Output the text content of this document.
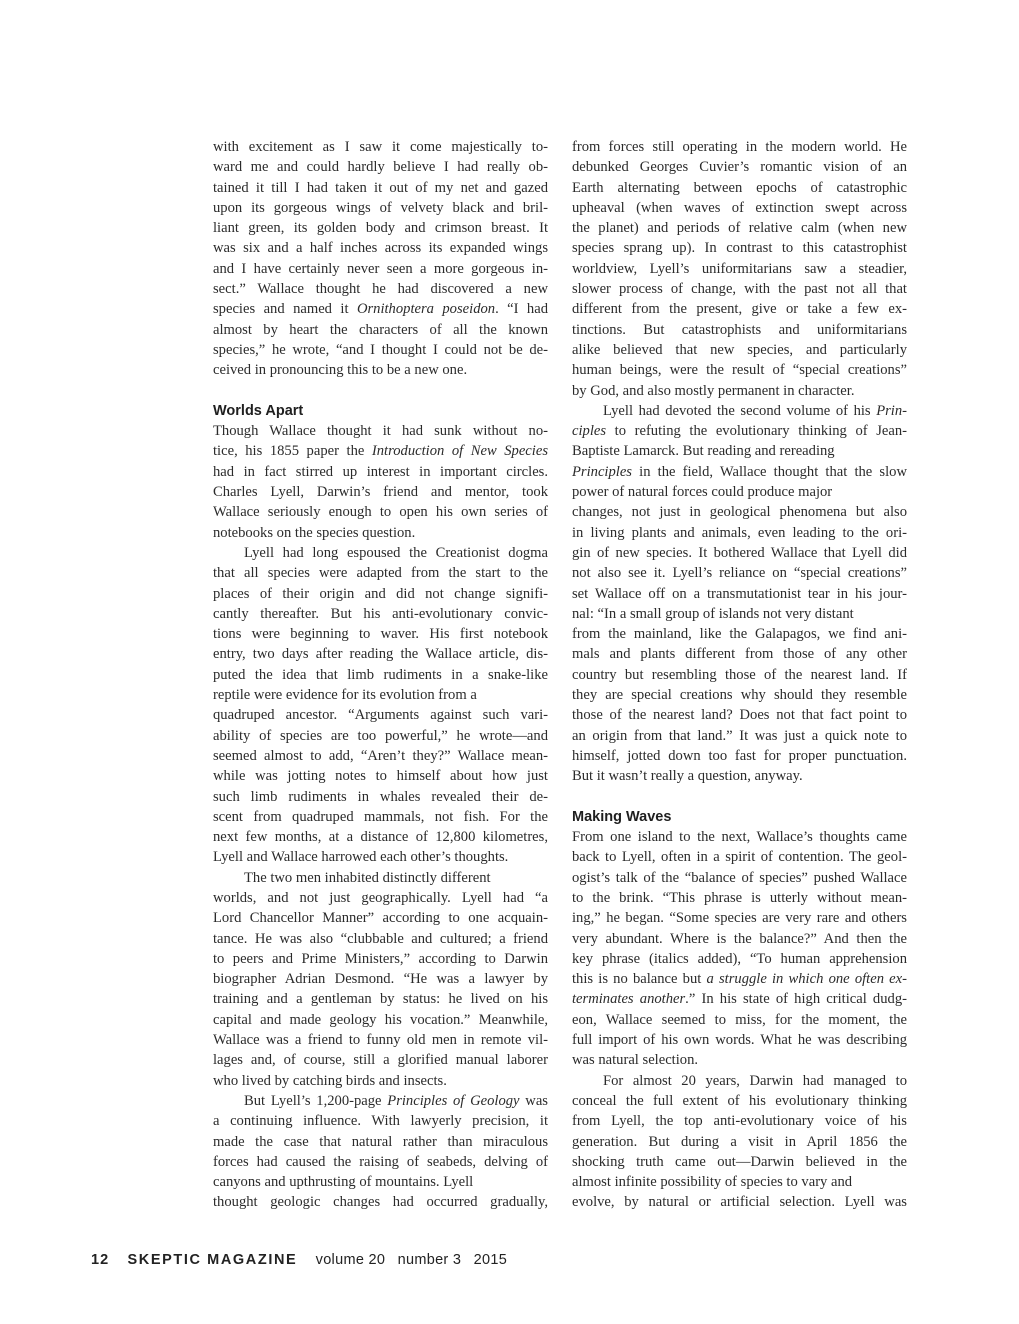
with excitement as I saw it come majestically to-
ward me and could hardly believe I had really ob-
tained it till I had taken it out of my net and gazed
upon its gorgeous wings of velvety black and bril-
liant green, its golden body and crimson breast. It
was six and a half inches across its expanded wings
and I have certainly never seen a more gorgeous in-
sect.” Wallace thought he had discovered a new
species and named it Ornithoptera poseidon. “I had
almost by heart the characters of all the known
species,” he wrote, “and I thought I could not be de-
ceived in pronouncing this to be a new one.
Worlds Apart
Though Wallace thought it had sunk without no-
tice, his 1855 paper the Introduction of New Species
had in fact stirred up interest in important circles.
Charles Lyell, Darwin’s friend and mentor, took
Wallace seriously enough to open his own series of
notebooks on the species question.
Lyell had long espoused the Creationist dogma
that all species were adapted from the start to the
places of their origin and did not change signifi-
cantly thereafter. But his anti-evolutionary convic-
tions were beginning to waver. His first notebook
entry, two days after reading the Wallace article, dis-
puted the idea that limb rudiments in a snake-like
reptile were evidence for its evolution from a
quadruped ancestor. “Arguments against such vari-
ability of species are too powerful,” he wrote—and
seemed almost to add, “Aren’t they?” Wallace mean-
while was jotting notes to himself about how just
such limb rudiments in whales revealed their de-
scent from quadruped mammals, not fish. For the
next few months, at a distance of 12,800 kilometres,
Lyell and Wallace harrowed each other’s thoughts.
The two men inhabited distinctly different
worlds, and not just geographically. Lyell had “a
Lord Chancellor Manner” according to one acquain-
tance. He was also “clubbable and cultured; a friend
to peers and Prime Ministers,” according to Darwin
biographer Adrian Desmond. “He was a lawyer by
training and a gentleman by status: he lived on his
capital and made geology his vocation.” Meanwhile,
Wallace was a friend to funny old men in remote vil-
lages and, of course, still a glorified manual laborer
who lived by catching birds and insects.
But Lyell’s 1,200-page Principles of Geology was
a continuing influence. With lawyerly precision, it
made the case that natural rather than miraculous
forces had caused the raising of seabeds, delving of
canyons and upthrusting of mountains. Lyell
thought geologic changes had occurred gradually,
from forces still operating in the modern world. He
debunked Georges Cuvier’s romantic vision of an
Earth alternating between epochs of catastrophic
upheaval (when waves of extinction swept across
the planet) and periods of relative calm (when new
species sprang up). In contrast to this catastrophist
worldview, Lyell’s uniformitarians saw a steadier,
slower process of change, with the past not all that
different from the present, give or take a few ex-
tinctions. But catastrophists and uniformitarians
alike believed that new species, and particularly
human beings, were the result of “special creations”
by God, and also mostly permanent in character.
Lyell had devoted the second volume of his Prin-
ciples to refuting the evolutionary thinking of Jean-
Baptiste Lamarck. But reading and rereading
Principles in the field, Wallace thought that the slow
power of natural forces could produce major
changes, not just in geological phenomena but also
in living plants and animals, even leading to the ori-
gin of new species. It bothered Wallace that Lyell did
not also see it. Lyell’s reliance on “special creations”
set Wallace off on a transmutationist tear in his jour-
nal: “In a small group of islands not very distant
from the mainland, like the Galapagos, we find ani-
mals and plants different from those of any other
country but resembling those of the nearest land. If
they are special creations why should they resemble
those of the nearest land? Does not that fact point to
an origin from that land.” It was just a quick note to
himself, jotted down too fast for proper punctuation.
But it wasn’t really a question, anyway.
Making Waves
From one island to the next, Wallace’s thoughts came
back to Lyell, often in a spirit of contention. The geol-
ogist’s talk of the “balance of species” pushed Wallace
to the brink. “This phrase is utterly without mean-
ing,” he began. “Some species are very rare and others
very abundant. Where is the balance?” And then the
key phrase (italics added), “To human apprehension
this is no balance but a struggle in which one often ex-
terminates another.” In his state of high critical dudg-
eon, Wallace seemed to miss, for the moment, the
full import of his own words. What he was describing
was natural selection.
For almost 20 years, Darwin had managed to
conceal the full extent of his evolutionary thinking
from Lyell, the top anti-evolutionary voice of his
generation. But during a visit in April 1856 the
shocking truth came out—Darwin believed in the
almost infinite possibility of species to vary and
evolve, by natural or artificial selection. Lyell was
12 SKEPTIC MAGAZINE volume 20 number 3 2015
